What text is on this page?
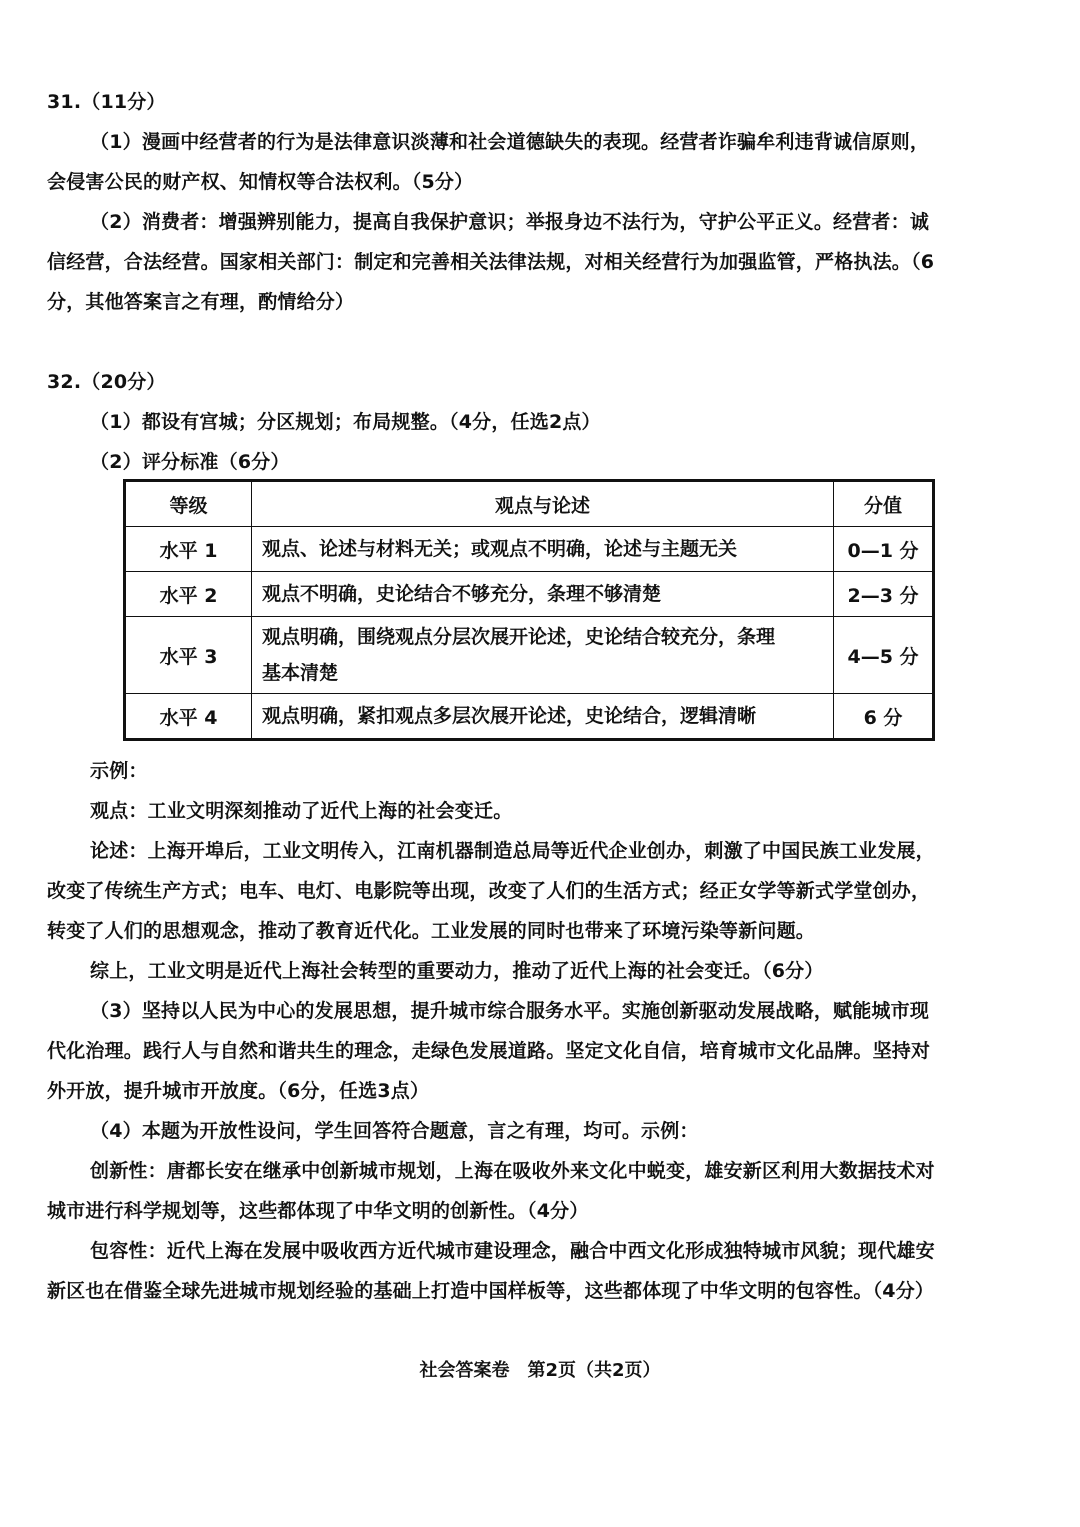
31.（11分）
（1）漫画中经营者的行为是法律意识淡薄和社会道德缺失的表现。经营者诈骗牟利违背诚信原则，
会侵害公民的财产权、知情权等合法权利。（5分）
（2）消费者：增强辨别能力，提高自我保护意识；举报身边不法行为，守护公平正义。经营者：诚
信经营，合法经营。国家相关部门：制定和完善相关法律法规，对相关经营行为加强监管，严格执法。（6
分，其他答案言之有理，酌情给分）
32.（20分）
（1）都设有宫城；分区规划；布局规整。（4分，任选2点）
（2）评分标准（6分）
等级	观点与论述	分值
水平 1	观点、论述与材料无关；或观点不明确，论述与主题无关	0—1 分
水平 2	观点不明确，史论结合不够充分，条理不够清楚	2—3 分
水平 3	观点明确，围绕观点分层次展开论述，史论结合较充分，条理
基本清楚	4—5 分
水平 4	观点明确，紧扣观点多层次展开论述，史论结合，逻辑清晰	6 分
示例：
观点：工业文明深刻推动了近代上海的社会变迁。
论述：上海开埠后，工业文明传入，江南机器制造总局等近代企业创办，刺激了中国民族工业发展，
改变了传统生产方式；电车、电灯、电影院等出现，改变了人们的生活方式；经正女学等新式学堂创办，
转变了人们的思想观念，推动了教育近代化。工业发展的同时也带来了环境污染等新问题。
综上，工业文明是近代上海社会转型的重要动力，推动了近代上海的社会变迁。（6分）
（3）坚持以人民为中心的发展思想，提升城市综合服务水平。实施创新驱动发展战略，赋能城市现
代化治理。践行人与自然和谐共生的理念，走绿色发展道路。坚定文化自信，培育城市文化品牌。坚持对
外开放，提升城市开放度。（6分，任选3点）
（4）本题为开放性设问，学生回答符合题意，言之有理，均可。示例：
创新性：唐都长安在继承中创新城市规划，上海在吸收外来文化中蜕变，雄安新区利用大数据技术对
城市进行科学规划等，这些都体现了中华文明的创新性。（4分）
包容性：近代上海在发展中吸收西方近代城市建设理念，融合中西文化形成独特城市风貌；现代雄安
新区也在借鉴全球先进城市规划经验的基础上打造中国样板等，这些都体现了中华文明的包容性。（4分）
社会答案卷　第2页（共2页）
